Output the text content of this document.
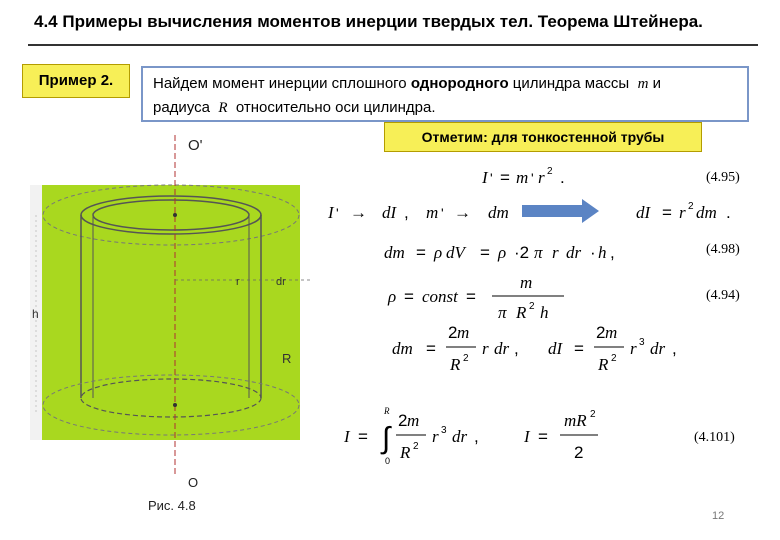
4.4 Примеры вычисления моментов инерции твердых тел. Теорема Штейнера.
Пример 2.	Найдем момент инерции сплошного однородного цилиндра массы  m и
радиуса  R  относительно оси цилиндра.
Отметим: для тонкостенной трубы
O'
O
r	dr
R
h
Рис. 4.8
I ' = m ' r 2 .	(4.95)
I ' → dI , m ' → dm	dI = r 2 dm .
dm = ρ dV = ρ ·2 π r dr · h ,	(4.98)
ρ = const =
m
π R 2 h
(4.94)
dm =
2 m
R 2
r dr , dI =
2 m
R 2
r 3 dr ,
I =
R
∫
0
2 m
R 2
r 3 dr ,	I =
mR 2
2
(4.101)
12
